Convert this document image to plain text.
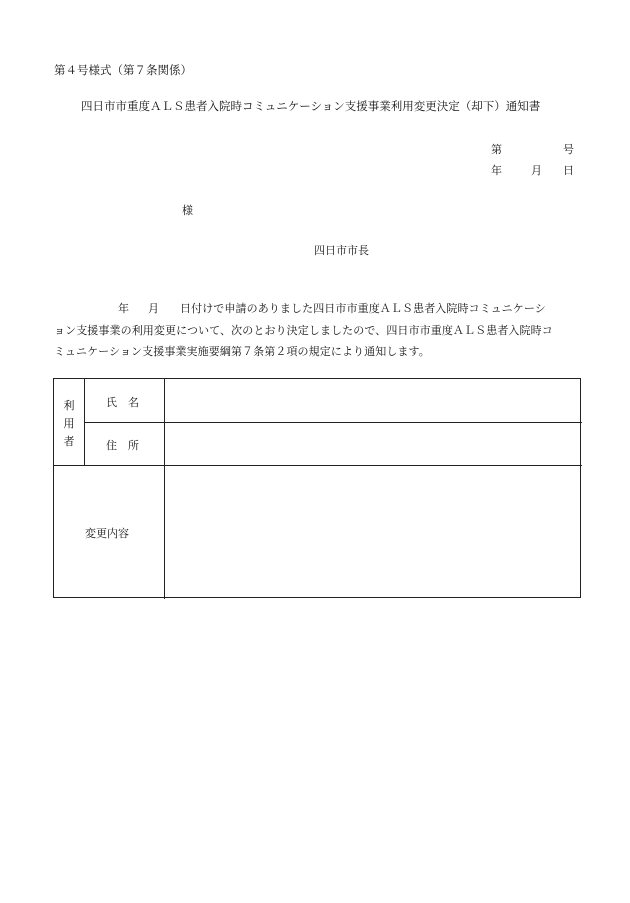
第４号様式（第７条関係）
四日市市重度ＡＬＳ患者入院時コミュニケーション支援事業利用変更決定（却下）通知書
第	号
年	月 日
様
四日市市長
年 月 日付けで申請のありました四日市市重度ＡＬＳ患者入院時コミュニケーシ
ョン支援事業の利用変更について、次のとおり決定しましたので、四日市市重度ＡＬＳ患者入院時コ
ミュニケーション支援事業実施要綱第７条第２項の規定により通知します。
利
用
者
氏　名
住　所
変更内容
